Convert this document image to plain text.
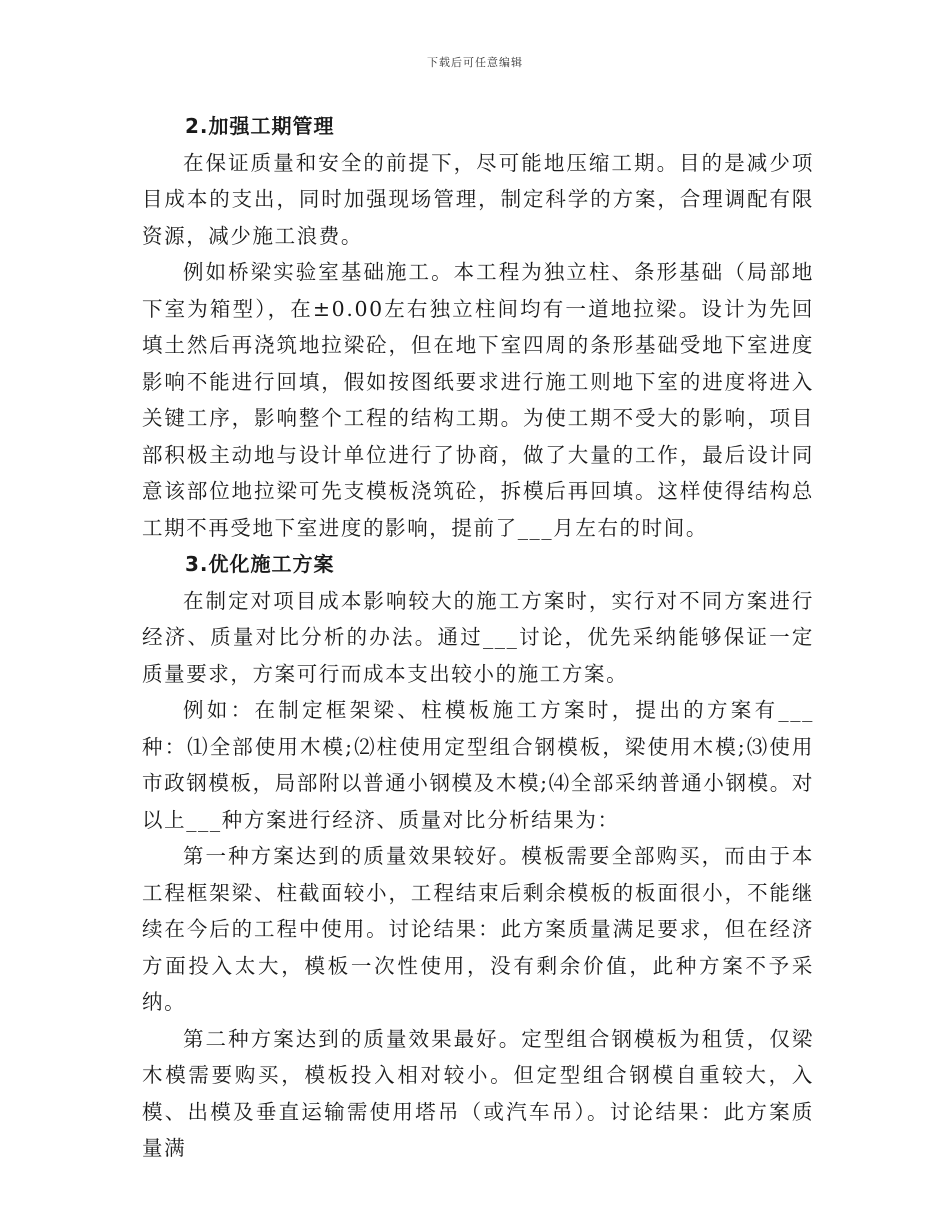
下载后可任意编辑
2.加强工期管理

在保证质量和安全的前提下，尽可能地压缩工期。目的是减少项目成本的支出，同时加强现场管理，制定科学的方案，合理调配有限资源，减少施工浪费。

例如桥梁实验室基础施工。本工程为独立柱、条形基础（局部地下室为箱型），在±0.00左右独立柱间均有一道地拉梁。设计为先回填土然后再浇筑地拉梁砼，但在地下室四周的条形基础受地下室进度影响不能进行回填，假如按图纸要求进行施工则地下室的进度将进入关键工序，影响整个工程的结构工期。为使工期不受大的影响，项目部积极主动地与设计单位进行了协商，做了大量的工作，最后设计同意该部位地拉梁可先支模板浇筑砼，拆模后再回填。这样使得结构总工期不再受地下室进度的影响，提前了___月左右的时间。

3.优化施工方案

在制定对项目成本影响较大的施工方案时，实行对不同方案进行经济、质量对比分析的办法。通过___讨论，优先采纳能够保证一定质量要求，方案可行而成本支出较小的施工方案。

例如：在制定框架梁、柱模板施工方案时，提出的方案有___种：⑴全部使用木模;⑵柱使用定型组合钢模板，梁使用木模;⑶使用市政钢模板，局部附以普通小钢模及木模;⑷全部采纳普通小钢模。对以上___种方案进行经济、质量对比分析结果为：

第一种方案达到的质量效果较好。模板需要全部购买，而由于本工程框架梁、柱截面较小，工程结束后剩余模板的板面很小，不能继续在今后的工程中使用。讨论结果：此方案质量满足要求，但在经济方面投入太大，模板一次性使用，没有剩余价值，此种方案不予采纳。

第二种方案达到的质量效果最好。定型组合钢模板为租赁，仅梁木模需要购买，模板投入相对较小。但定型组合钢模自重较大，入模、出模及垂直运输需使用塔吊（或汽车吊）。讨论结果：此方案质量满
